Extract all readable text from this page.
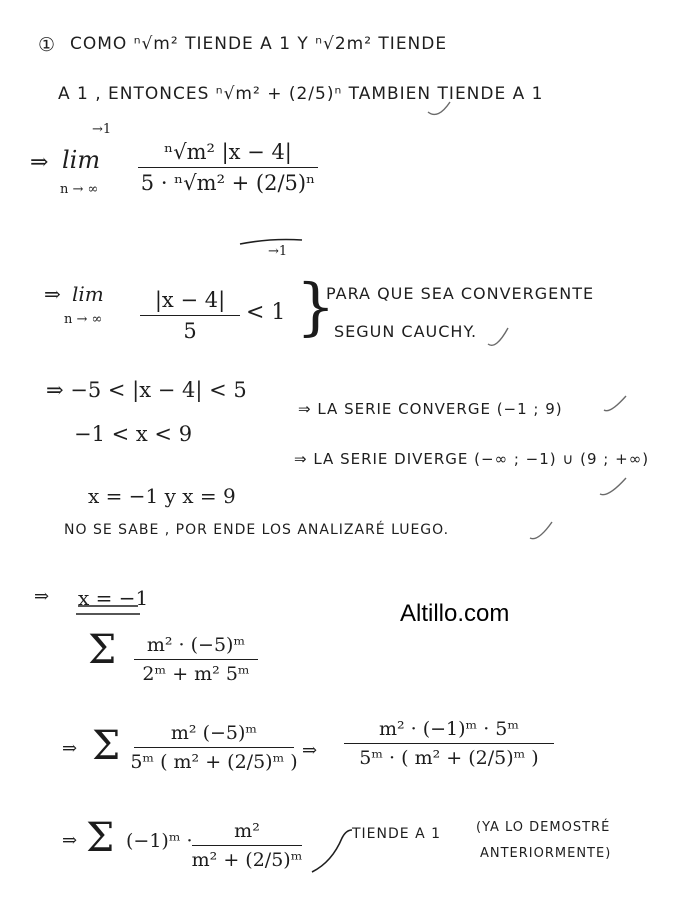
Altillo.com
① COMO ⁿ√m² TIENDE A 1 Y ⁿ√2m² TIENDE
A 1 , ENTONCES ⁿ√m² + (2/5)ⁿ TAMBIEN TIENDE A 1
⇒ lim
n → ∞
→1
ⁿ√m² |x − 4|
5 · ⁿ√m² + (2/5)ⁿ
→1
⇒ lim
n → ∞
|x − 4|
5
< 1 }
PARA QUE SEA CONVERGENTE
SEGUN CAUCHY.
⇒ −5 < |x − 4| < 5
−1 < x < 9
⇒ LA SERIE CONVERGE (−1 ; 9)
⇒ LA SERIE DIVERGE (−∞ ; −1) ∪ (9 ; +∞)
x = −1 y x = 9
NO SE SABE , POR ENDE LOS ANALIZARÉ LUEGO.
⇒ x = −1
Σ m² · (−5)ᵐ
2ᵐ + m² 5ᵐ
⇒ Σ	m² (−5)ᵐ
5ᵐ ( m² + (2/5)ᵐ )
⇒
m² · (−1)ᵐ · 5ᵐ
5ᵐ · ( m² + (2/5)ᵐ )
⇒ Σ (−1)ᵐ · m²
m² + (2/5)ᵐ
TIENDE A 1	(YA LO DEMOSTRÉ
ANTERIORMENTE)
